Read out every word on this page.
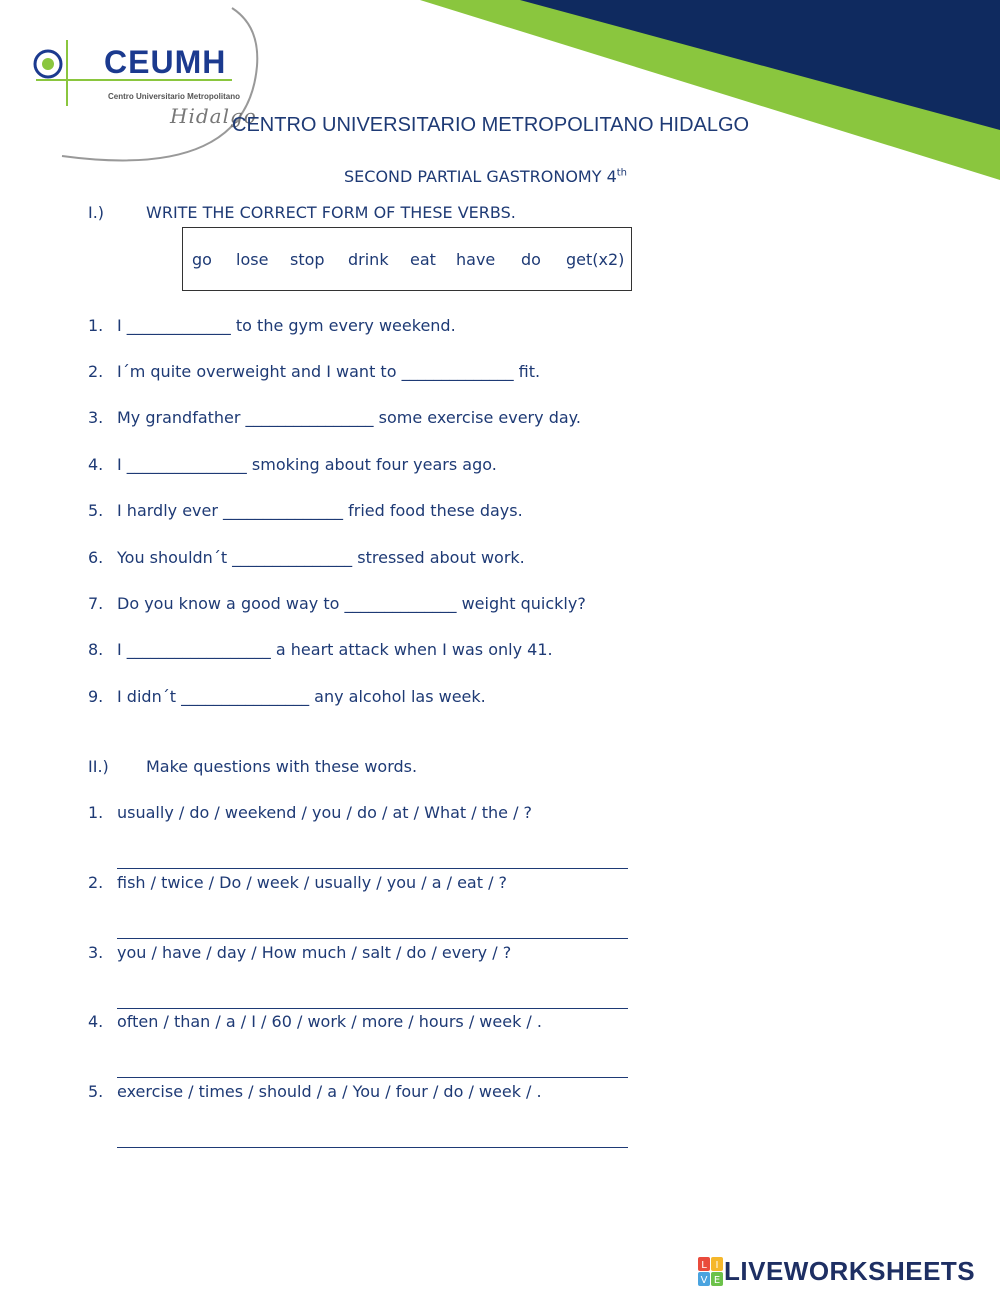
CEUMH
Centro Universitario Metropolitano
Hidalgo
CENTRO UNIVERSITARIO METROPOLITANO HIDALGO
SECOND PARTIAL GASTRONOMY 4th
I.)	WRITE THE CORRECT FORM OF THESE VERBS.
go lose stop drink eat have do get(x2)
1. I _____________ to the gym every weekend.
2. I´m quite overweight and I want to ______________ fit.
3. My grandfather ________________ some exercise every day.
4. I _______________ smoking about four years ago.
5. I hardly ever _______________ fried food these days.
6. You shouldn´t _______________ stressed about work.
7. Do you know a good way to ______________ weight quickly?
8. I __________________ a heart attack when I was only 41.
9. I didn´t ________________ any alcohol las week.
II.) Make questions with these words.
1. usually / do / weekend / you / do / at / What / the / ?
2. fish / twice / Do / week / usually / you / a / eat / ?
3. you / have / day / How much / salt / do / every / ?
4. often / than / a / I / 60 / work / more / hours / week / .
5. exercise / times / should / a / You / four / do / week / .
L I
V E LIVEWORKSHEETS
